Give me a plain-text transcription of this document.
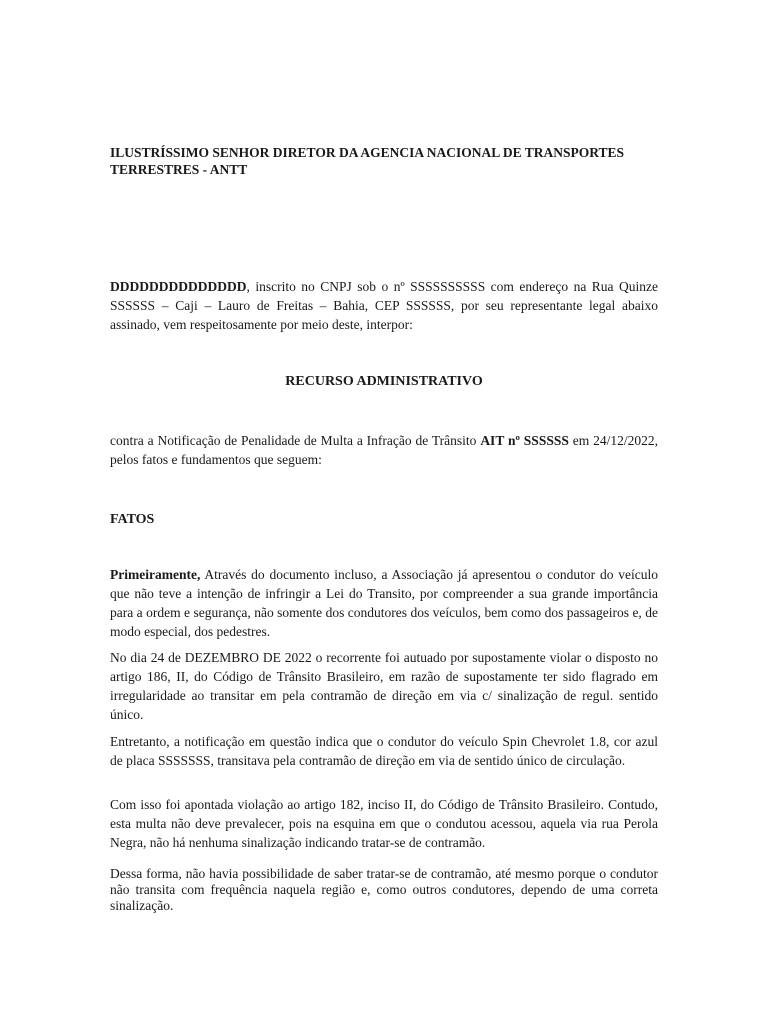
ILUSTRÍSSIMO SENHOR DIRETOR DA AGENCIA NACIONAL DE TRANSPORTES
TERRESTRES - ANTT

DDDDDDDDDDDDDD, inscrito no CNPJ sob o nº SSSSSSSSSS com endereço na Rua Quinze SSSSSS – Caji – Lauro de Freitas – Bahia, CEP SSSSSS, por seu representante legal abaixo assinado, vem respeitosamente por meio deste, interpor:

RECURSO ADMINISTRATIVO

contra a Notificação de Penalidade de Multa a Infração de Trânsito AIT nº SSSSSS em 24/12/2022, pelos fatos e fundamentos que seguem:

FATOS

Primeiramente, Através do documento incluso, a Associação já apresentou o condutor do veículo que não teve a intenção de infringir a Lei do Transito, por compreender a sua grande importância para a ordem e segurança, não somente dos condutores dos veículos, bem como dos passageiros e, de modo especial, dos pedestres.

No dia 24 de DEZEMBRO DE 2022 o recorrente foi autuado por supostamente violar o disposto no artigo 186, II, do Código de Trânsito Brasileiro, em razão de supostamente ter sido flagrado em irregularidade ao transitar em pela contramão de direção em via c/ sinalização de regul. sentido único.

Entretanto, a notificação em questão indica que o condutor do veículo Spin Chevrolet 1.8, cor azul de placa SSSSSSS, transitava pela contramão de direção em via de sentido único de circulação.

Com isso foi apontada violação ao artigo 182, inciso II, do Código de Trânsito Brasileiro. Contudo, esta multa não deve prevalecer, pois na esquina em que o condutou acessou, aquela via rua Perola Negra, não há nenhuma sinalização indicando tratar-se de contramão.

Dessa forma, não havia possibilidade de saber tratar-se de contramão, até mesmo porque o condutor não transita com frequência naquela região e, como outros condutores, dependo de uma correta sinalização.
